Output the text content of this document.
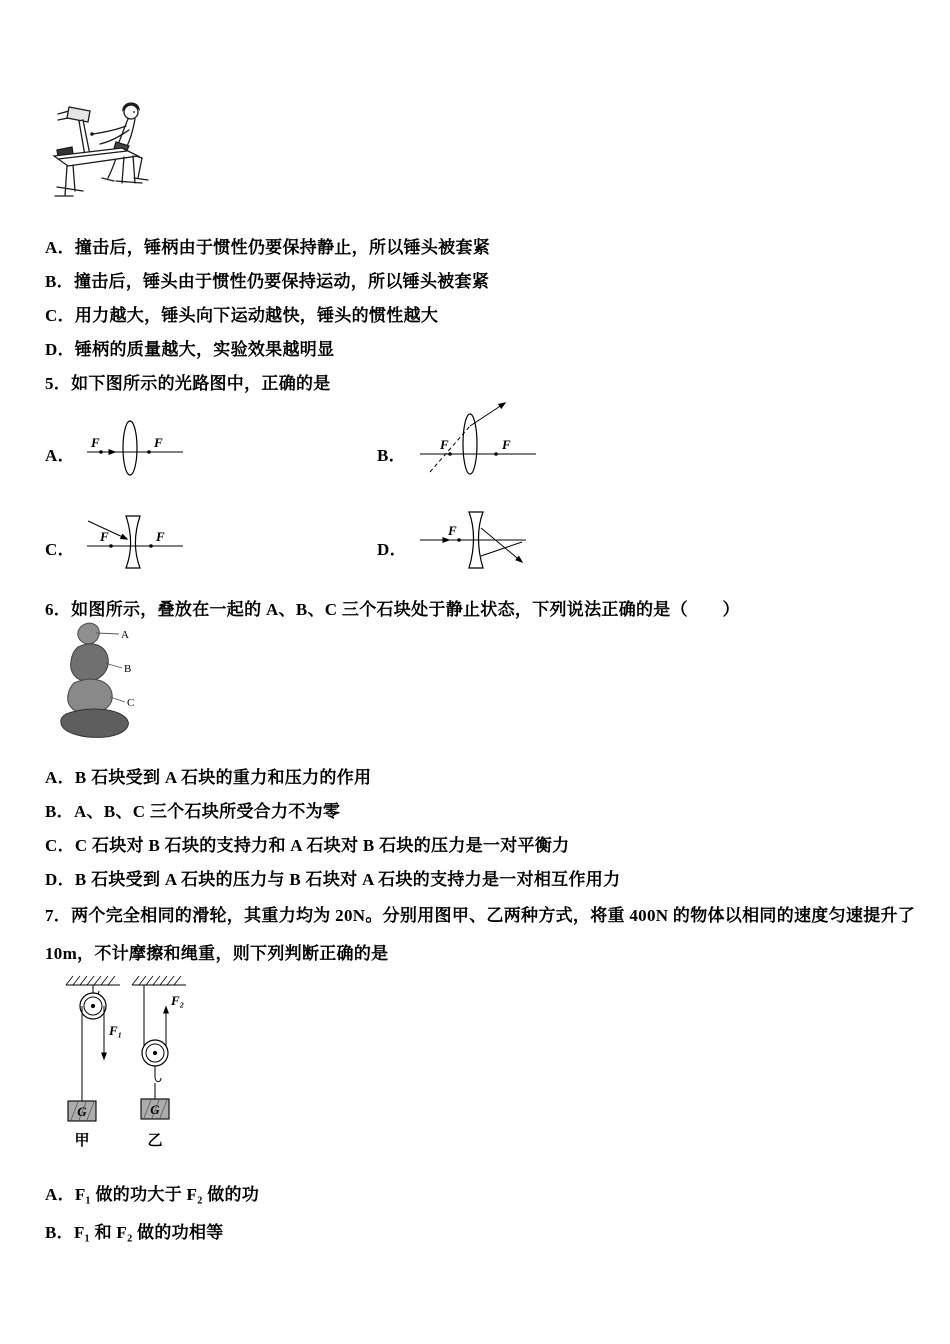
A．撞击后，锤柄由于惯性仍要保持静止，所以锤头被套紧
B．撞击后，锤头由于惯性仍要保持运动，所以锤头被套紧
C．用力越大，锤头向下运动越快，锤头的惯性越大
D．锤柄的质量越大，实验效果越明显
5．如下图所示的光路图中，正确的是
A．
F	F
B．
F	F
C．
F	F
D．
F
6．如图所示，叠放在一起的 A、B、C 三个石块处于静止状态，下列说法正确的是（　　）
A
B
C
A．B 石块受到 A 石块的重力和压力的作用
B．A、B、C 三个石块所受合力不为零
C．C 石块对 B 石块的支持力和 A 石块对 B 石块的压力是一对平衡力
D．B 石块受到 A 石块的压力与 B 石块对 A 石块的支持力是一对相互作用力
7．两个完全相同的滑轮，其重力均为 20N。分别用图甲、乙两种方式，将重 400N 的物体以相同的速度匀速提升了
10m，不计摩擦和绳重，则下列判断正确的是
F₁
G
甲
F₂
G
乙
A．F₁ 做的功大于 F₂ 做的功
B．F₁ 和 F₂ 做的功相等
